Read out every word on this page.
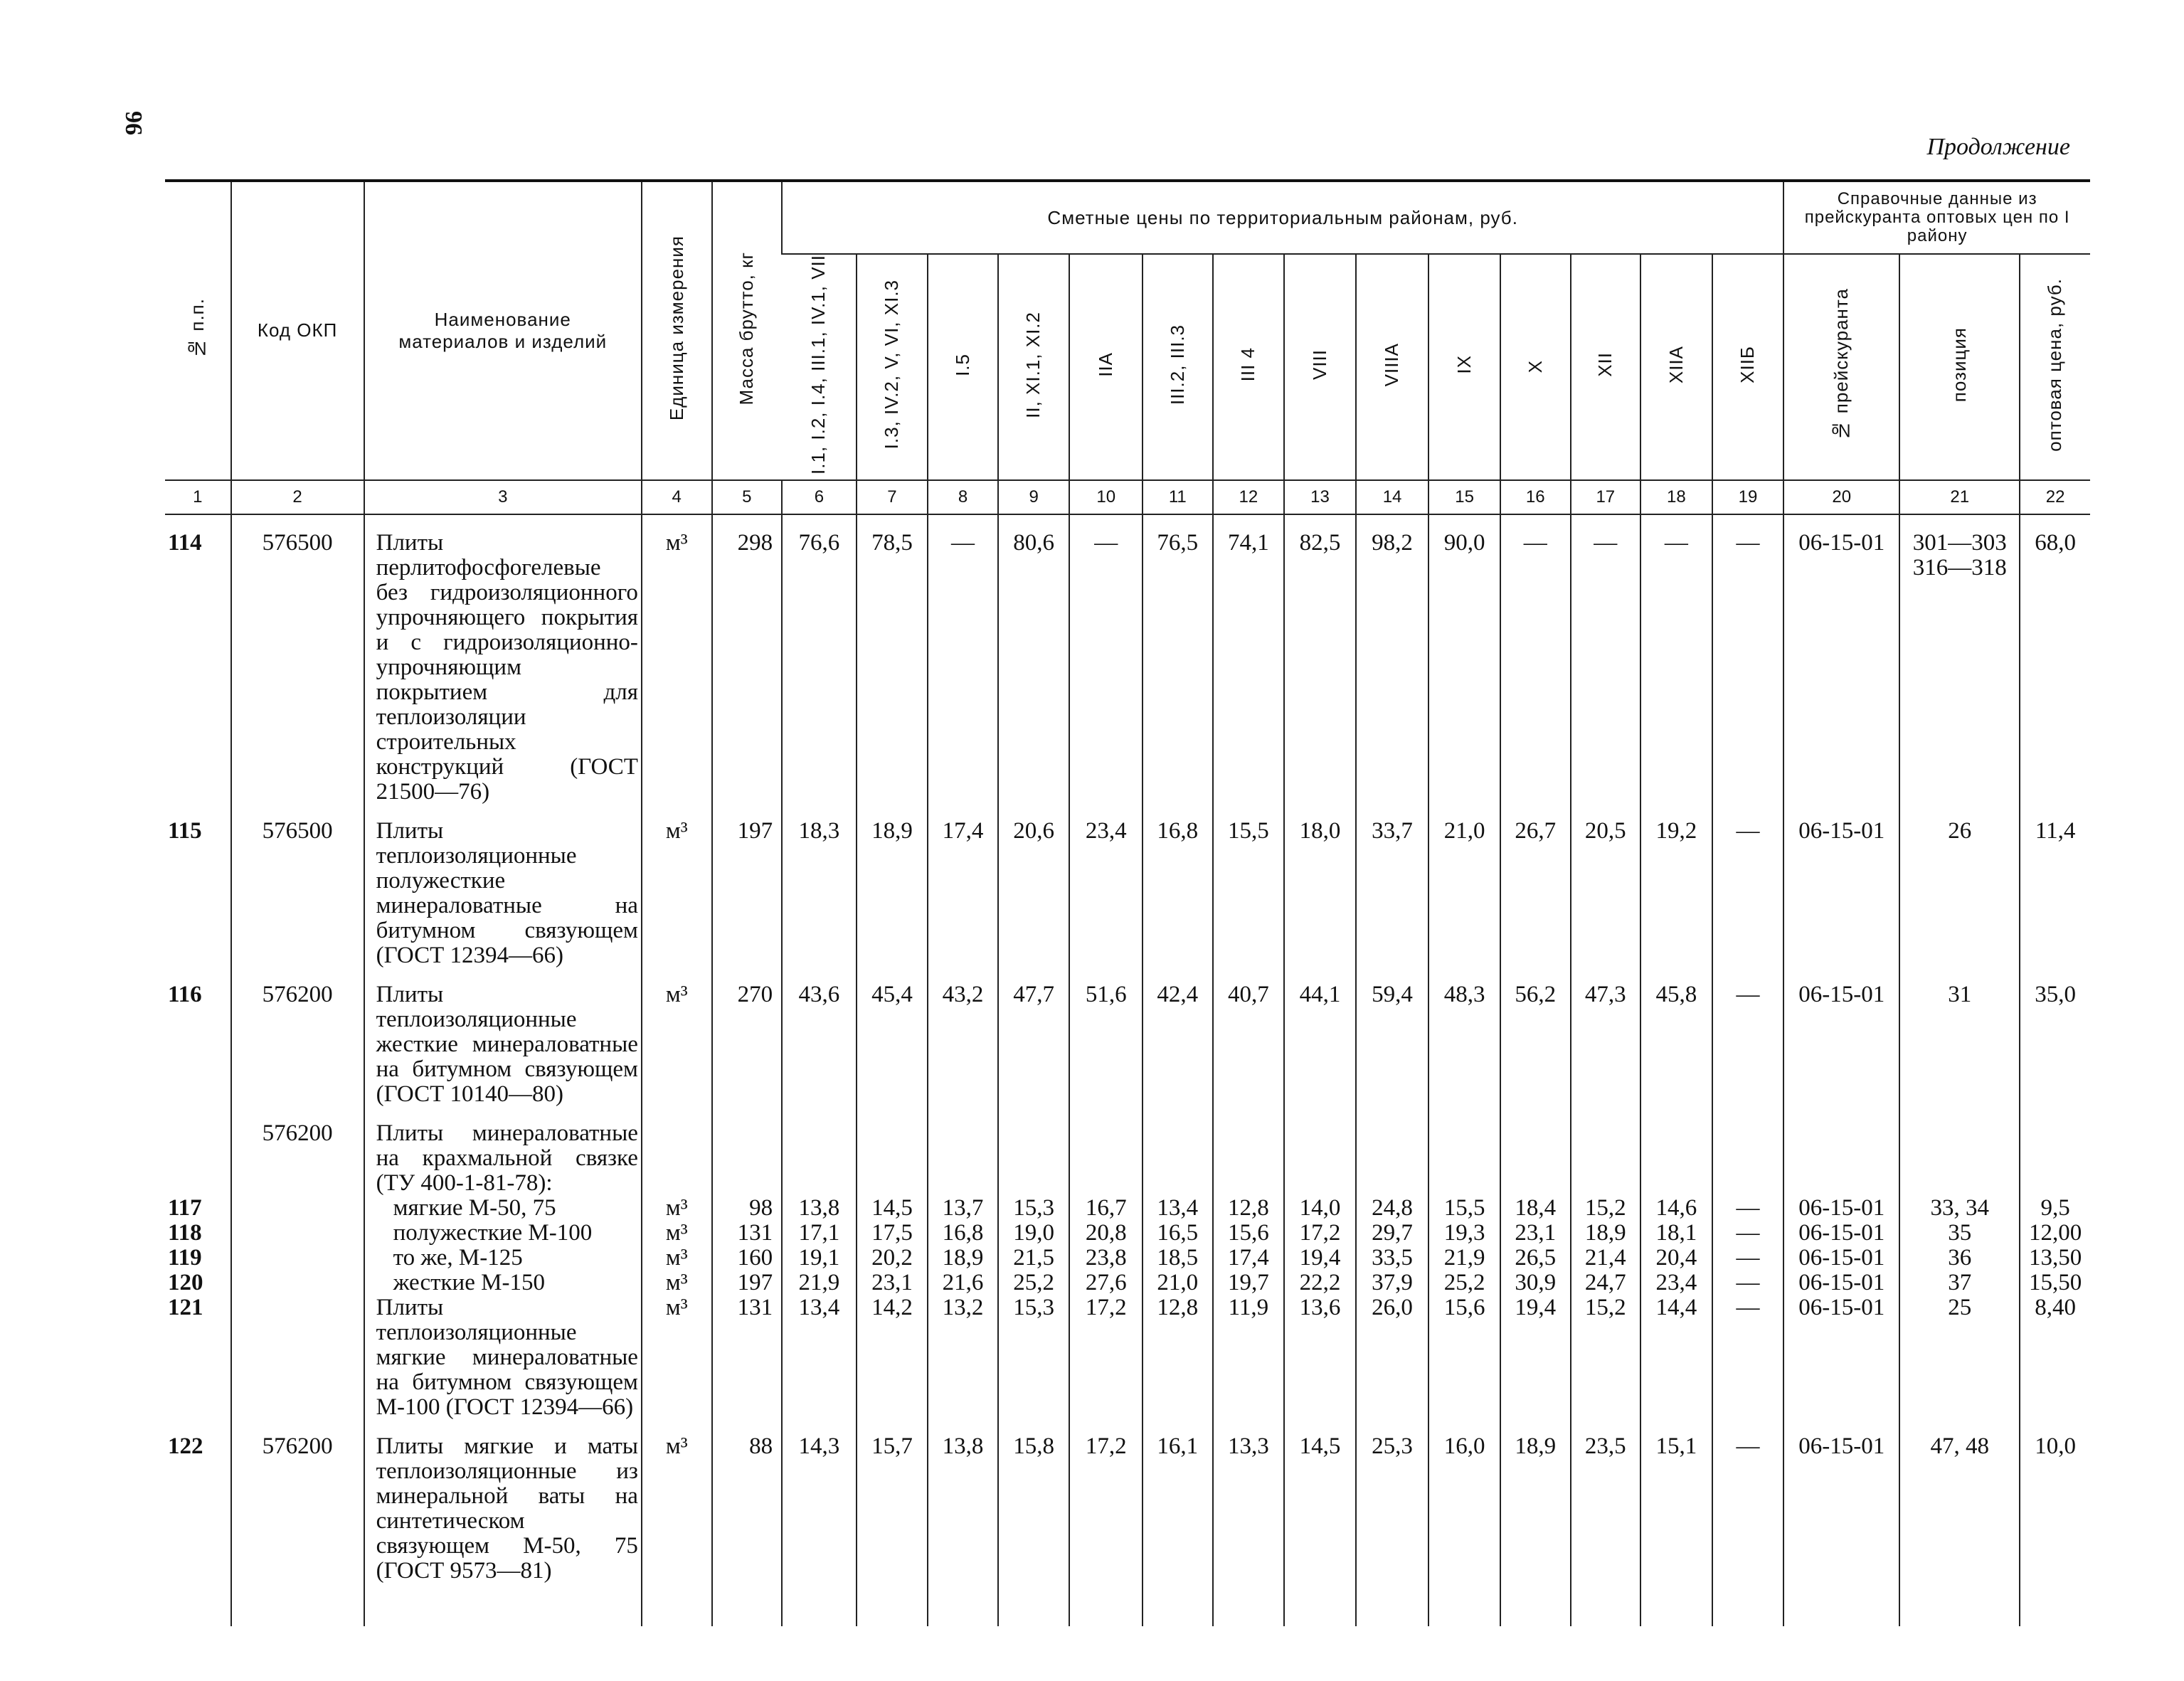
96
Продолжение
№ п.п.	Код ОКП	Наименование материалов и изделий	Единица измерения	Масса брутто, кг	Сметные цены по территориальным районам, руб.														Справочные данные из прейскуранта оптовых цен по I району		
					I.1, I.2, I.4, III.1, IV.1, VII	I.3, IV.2, V, VI, XI.3	I.5	II, XI.1, XI.2	IIA	III.2, III.3	III 4	VIII	VIIIA	IX	X	XII	XIIA	XIIБ	№ прейскуранта	позиция	оптовая цена, руб.
1	2	3	4	5	6	7	8	9	10	11	12	13	14	15	16	17	18	19	20	21	22

114	576500	Плиты перлитофосфогелевые без гидроизоляционного упрочняющего покрытия и с гидроизоляционно-упрочняющим покрытием для теплоизоляции строительных конструкций (ГОСТ 21500—76)	м³	298	76,6	78,5	—	80,6	—	76,5	74,1	82,5	98,2	90,0	—	—	—	—	06-15-01	301—303 316—318	68,0
115	576500	Плиты теплоизоляционные полужесткие минераловатные на битумном связующем (ГОСТ 12394—66)	м³	197	18,3	18,9	17,4	20,6	23,4	16,8	15,5	18,0	33,7	21,0	26,7	20,5	19,2	—	06-15-01	26	11,4
116	576200	Плиты теплоизоляционные жесткие минераловатные на битумном связующем (ГОСТ 10140—80)	м³	270	43,6	45,4	43,2	47,7	51,6	42,4	40,7	44,1	59,4	48,3	56,2	47,3	45,8	—	06-15-01	31	35,0
	576200	Плиты минераловатные на крахмальной связке (ТУ 400-1-81-78):																			
117		мягкие М-50, 75	м³	98	13,8	14,5	13,7	15,3	16,7	13,4	12,8	14,0	24,8	15,5	18,4	15,2	14,6	—	06-15-01	33, 34	9,5
118		полужесткие М-100	м³	131	17,1	17,5	16,8	19,0	20,8	16,5	15,6	17,2	29,7	19,3	23,1	18,9	18,1	—	06-15-01	35	12,00
119		то же, М-125	м³	160	19,1	20,2	18,9	21,5	23,8	18,5	17,4	19,4	33,5	21,9	26,5	21,4	20,4	—	06-15-01	36	13,50
120		жесткие М-150	м³	197	21,9	23,1	21,6	25,2	27,6	21,0	19,7	22,2	37,9	25,2	30,9	24,7	23,4	—	06-15-01	37	15,50
121		Плиты теплоизоляционные мягкие минераловатные на битумном связующем М-100 (ГОСТ 12394—66)	м³	131	13,4	14,2	13,2	15,3	17,2	12,8	11,9	13,6	26,0	15,6	19,4	15,2	14,4	—	06-15-01	25	8,40
122	576200	Плиты мягкие и маты теплоизоляционные из минеральной ваты на синтетическом связующем М-50, 75 (ГОСТ 9573—81)	м³	88	14,3	15,7	13,8	15,8	17,2	16,1	13,3	14,5	25,3	16,0	18,9	23,5	15,1	—	06-15-01	47, 48	10,0
